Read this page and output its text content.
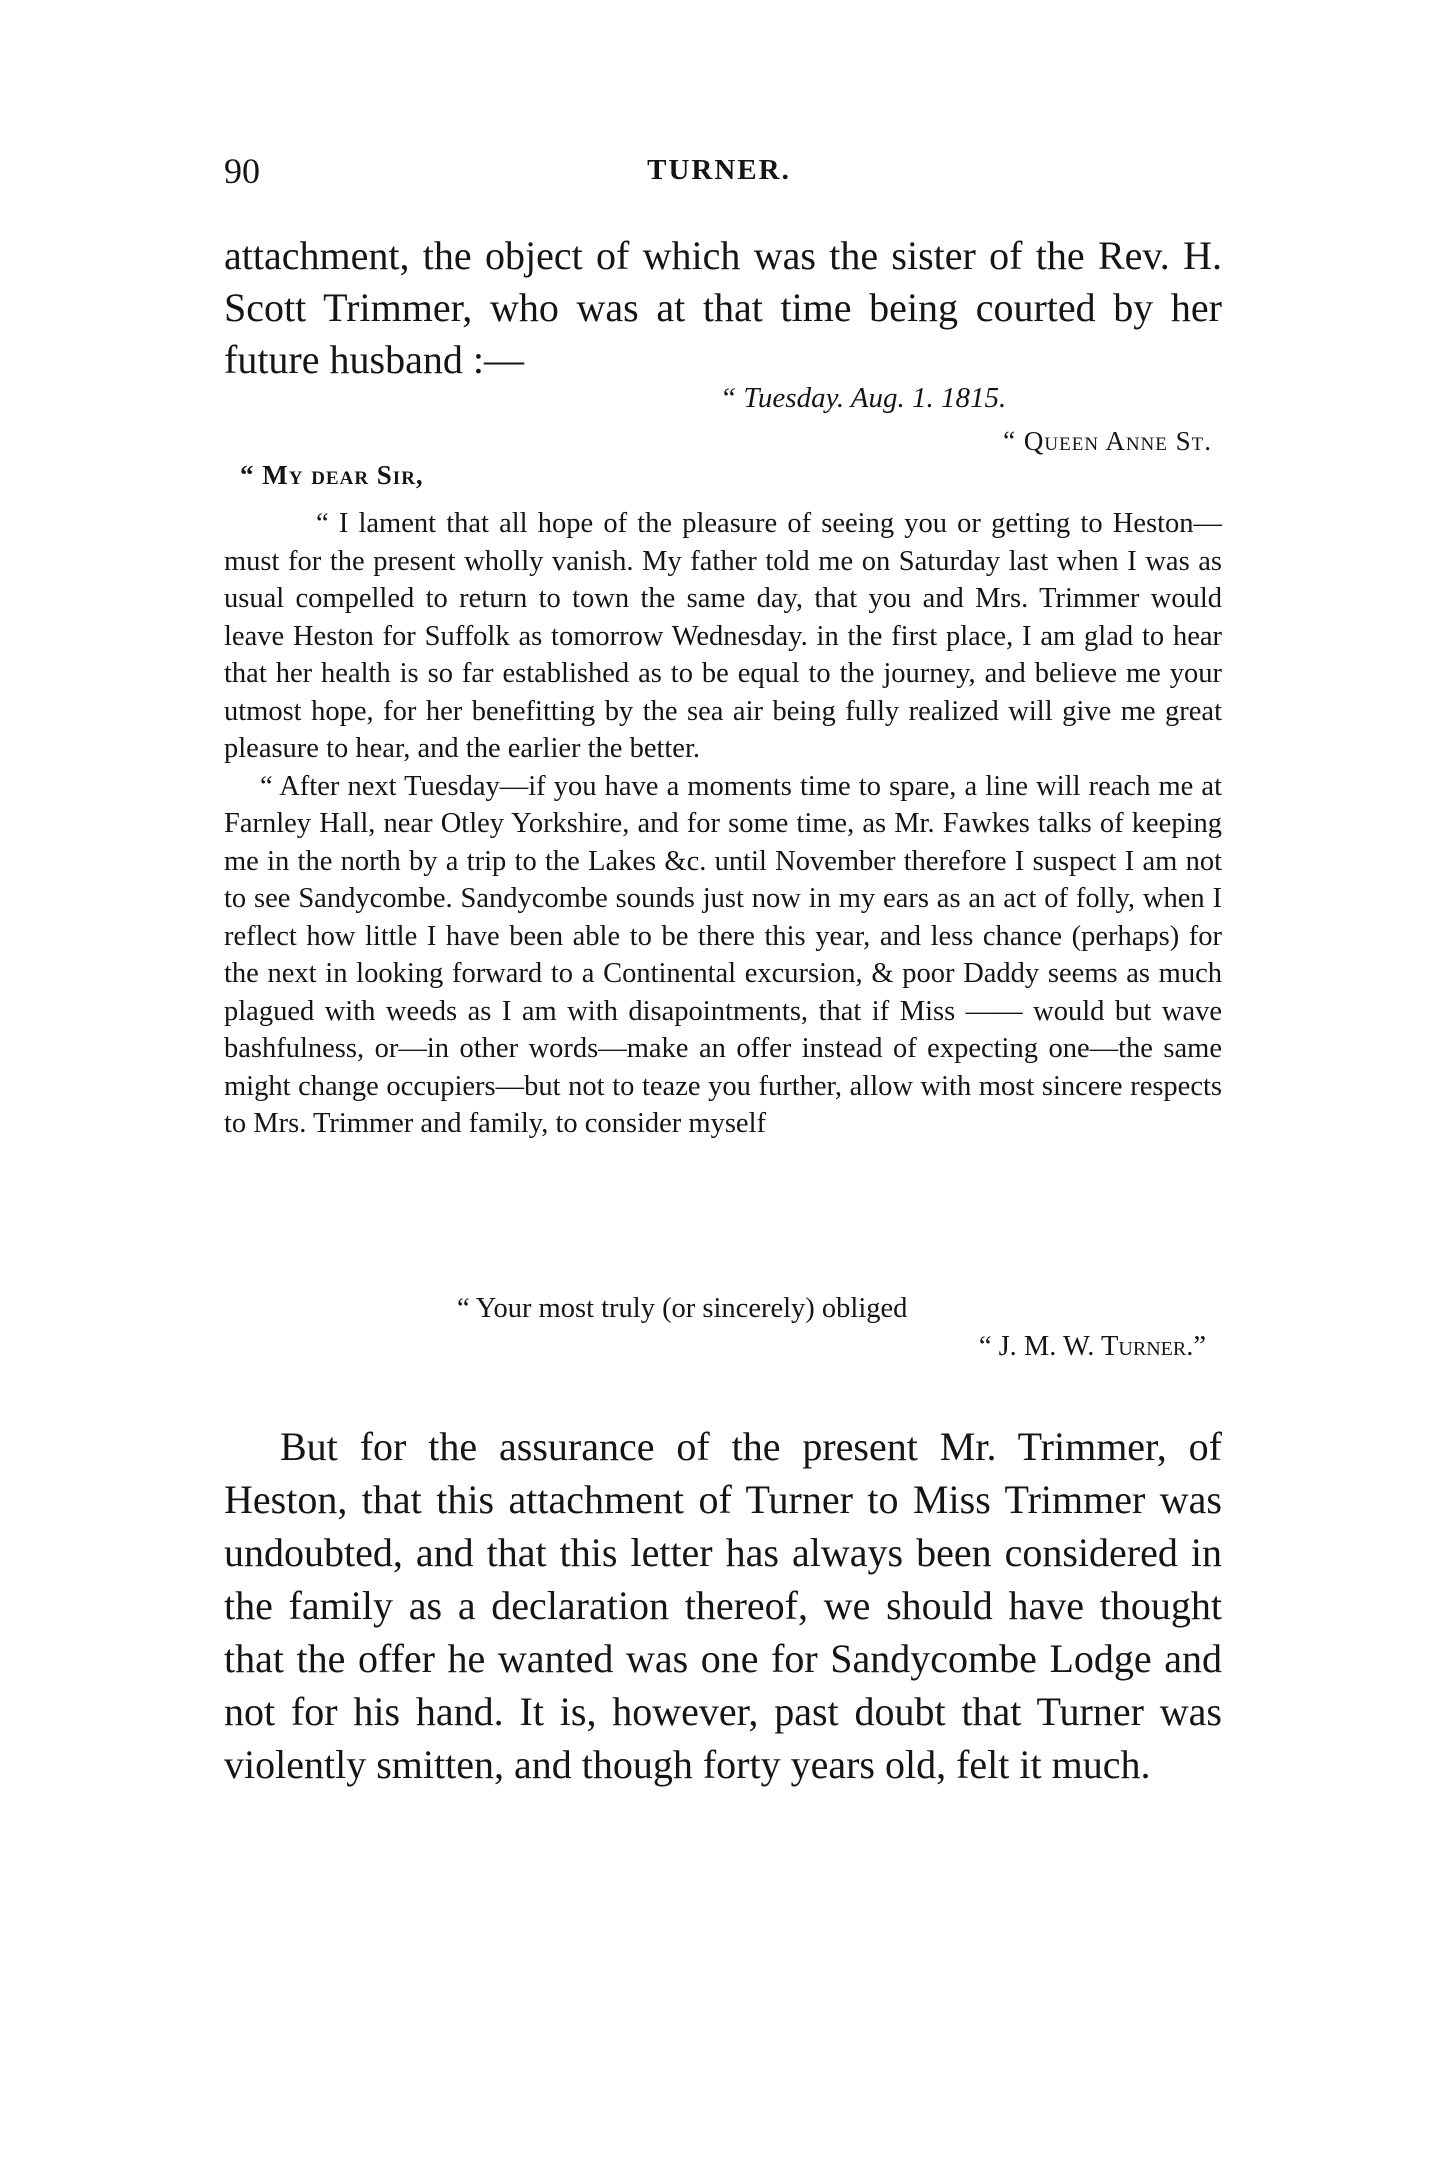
90	TURNER.

attachment, the object of which was the sister of the Rev. H. Scott Trimmer, who was at that time being courted by her future husband :—

“ Tuesday. Aug. 1. 1815.

“ Queen Anne St.

“ My dear Sir,

“ I lament that all hope of the pleasure of seeing you or getting to Heston—must for the present wholly vanish. My father told me on Saturday last when I was as usual compelled to return to town the same day, that you and Mrs. Trimmer would leave Heston for Suffolk as tomorrow Wednesday. in the first place, I am glad to hear that her health is so far established as to be equal to the journey, and believe me your utmost hope, for her benefitting by the sea air being fully realized will give me great pleasure to hear, and the earlier the better.

“ After next Tuesday—if you have a moments time to spare, a line will reach me at Farnley Hall, near Otley Yorkshire, and for some time, as Mr. Fawkes talks of keeping me in the north by a trip to the Lakes &c. until November therefore I suspect I am not to see Sandycombe. Sandycombe sounds just now in my ears as an act of folly, when I reflect how little I have been able to be there this year, and less chance (perhaps) for the next in looking forward to a Continental excursion, & poor Daddy seems as much plagued with weeds as I am with disapointments, that if Miss —— would but wave bashfulness, or—in other words—make an offer instead of expecting one—the same might change occupiers—but not to teaze you further, allow with most sincere respects to Mrs. Trimmer and family, to consider myself

“ Your most truly (or sincerely) obliged
“ J. M. W. Turner.”

But for the assurance of the present Mr. Trimmer, of Heston, that this attachment of Turner to Miss Trimmer was undoubted, and that this letter has always been considered in the family as a declaration thereof, we should have thought that the offer he wanted was one for Sandycombe Lodge and not for his hand. It is, however, past doubt that Turner was violently smitten, and though forty years old, felt it much.
